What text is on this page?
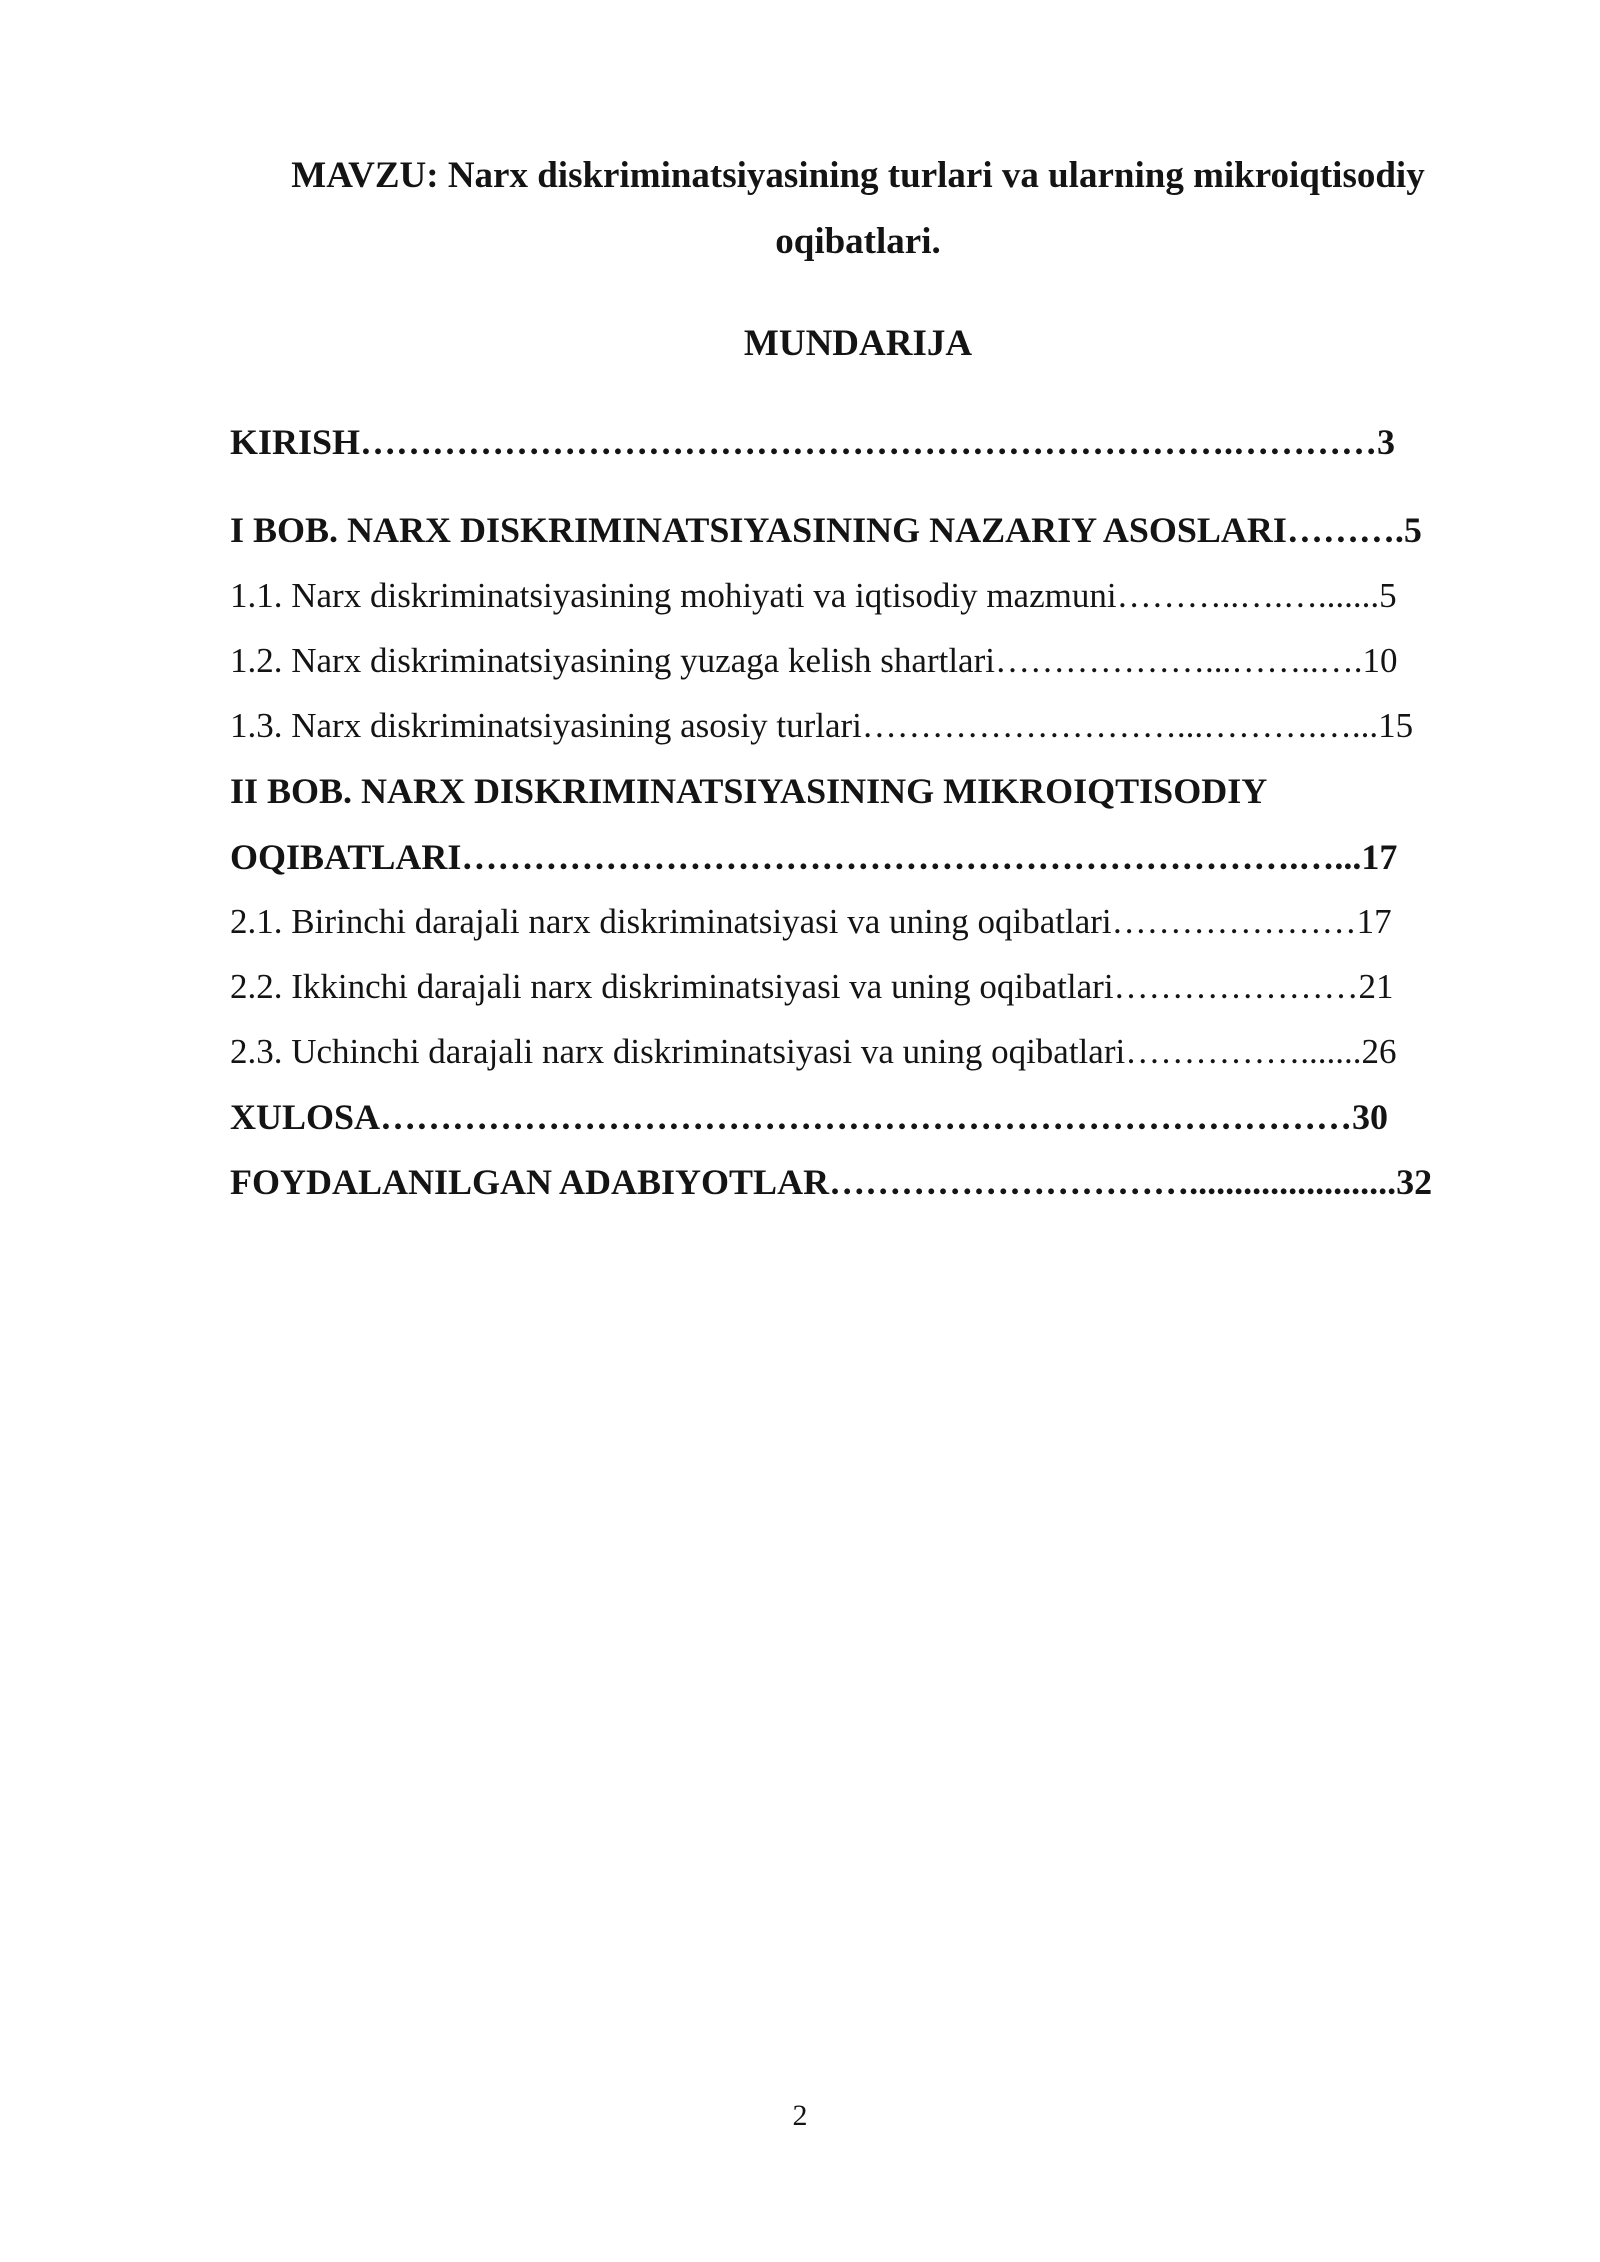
MAVZU: Narx diskriminatsiyasining turlari va ularning mikroiqtisodiy

oqibatlari.

MUNDARIJA

KIRISH……………………………………………………………….…………3
I BOB. NARX DISKRIMINATSIYASINING NAZARIY ASOSLARI……….5
1.1. Narx diskriminatsiyasining mohiyati va iqtisodiy mazmuni………..….….......5
1.2. Narx diskriminatsiyasining yuzaga kelish shartlari………………...……..….10
1.3. Narx diskriminatsiyasining asosiy turlari………………………...……….…...15
II BOB. NARX DISKRIMINATSIYASINING MIKROIQTISODIY
OQIBATLARI…………………………………………………………….…...17
2.1. Birinchi darajali narx diskriminatsiyasi va uning oqibatlari…………………17
2.2. Ikkinchi darajali narx diskriminatsiyasi va uning oqibatlari…………………21
2.3. Uchinchi darajali narx diskriminatsiyasi va uning oqibatlari…………….......26
XULOSA………………………………………………………………………30
FOYDALANILGAN ADABIYOTLAR………………………….......................32
2
